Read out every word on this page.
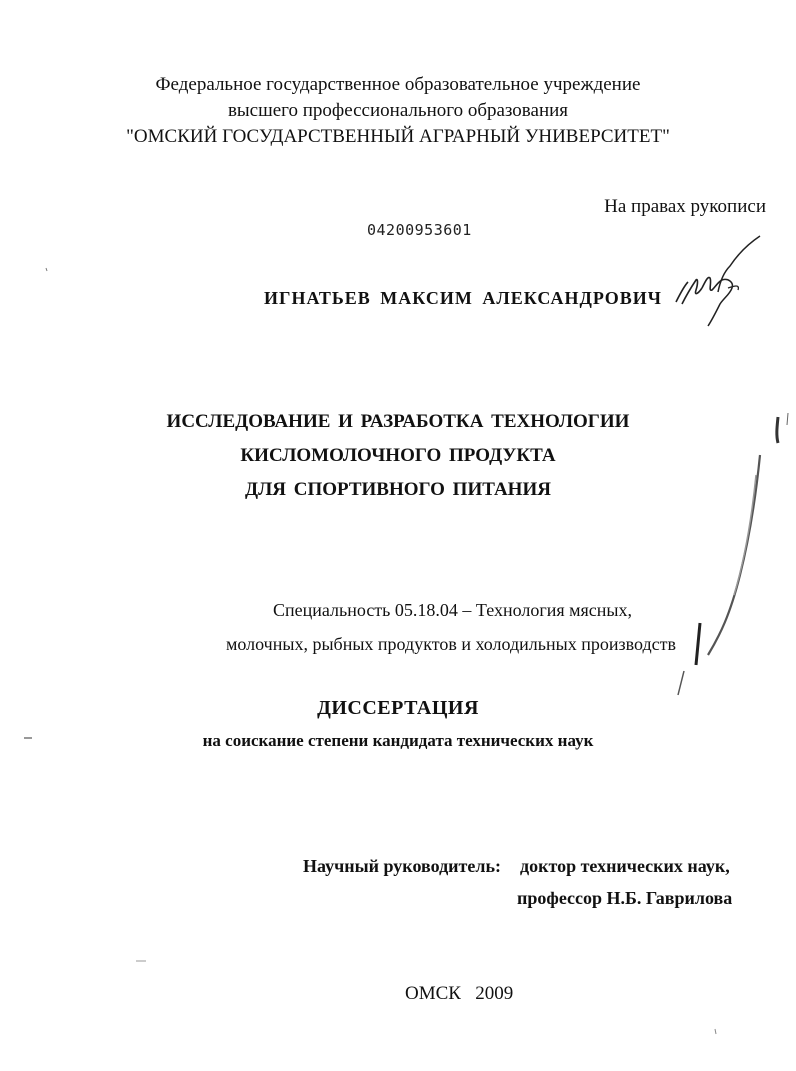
Федеральное государственное образовательное учреждение
высшего профессионального образования
"ОМСКИЙ ГОСУДАРСТВЕННЫЙ АГРАРНЫЙ УНИВЕРСИТЕТ"
На правах рукописи
04200953601
ИГНАТЬЕВ МАКСИМ АЛЕКСАНДРОВИЧ
ИССЛЕДОВАНИЕ И РАЗРАБОТКА ТЕХНОЛОГИИ
КИСЛОМОЛОЧНОГО ПРОДУКТА
ДЛЯ СПОРТИВНОГО ПИТАНИЯ
Специальность 05.18.04 – Технология мясных,
молочных, рыбных продуктов и холодильных производств
ДИССЕРТАЦИЯ
на соискание степени кандидата технических наук
Научный руководитель: доктор технических наук,
профессор Н.Б. Гаврилова
ОМСК   2009
